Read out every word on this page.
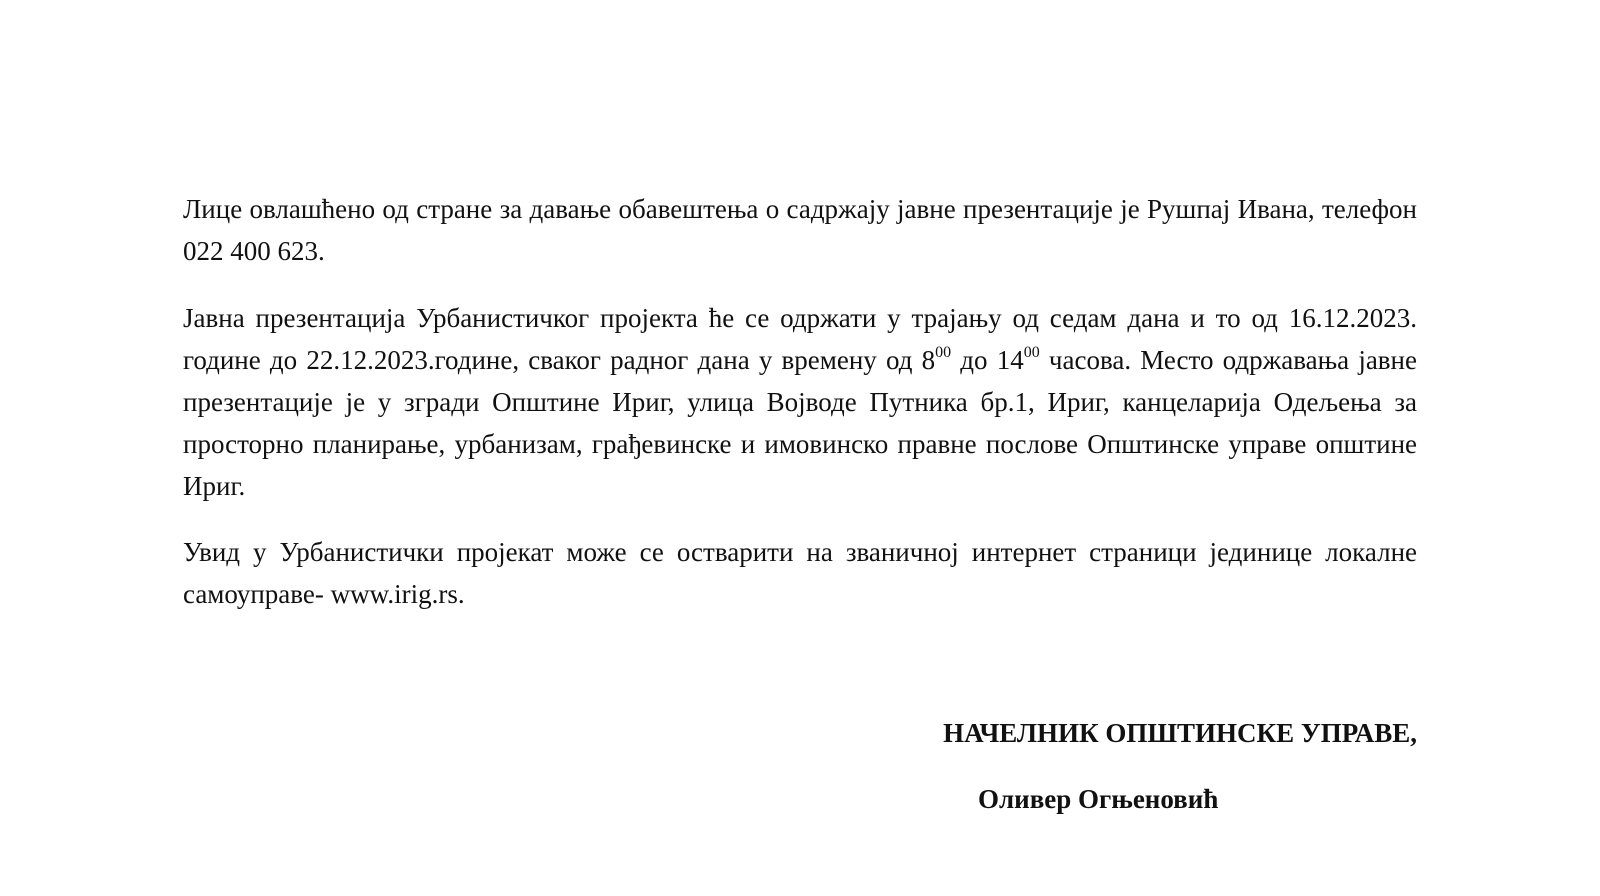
Лице овлашћено од стране за давање обавештења о садржају јавне презентације је Рушпај Ивана, телефон 022 400 623.

Јавна презентација Урбанистичког пројекта ће се одржати у трајању од седам дана и то од 16.12.2023. године до 22.12.2023.године, сваког радног дана у времену од $8^{00}$ до $14^{00}$ часова. Место одржавања јавне презентације је у згради Општине Ириг, улица Војводе Путника бр.1, Ириг, канцеларија Одељења за просторно планирање, урбанизам, грађевинске и имовинско правне послове Општинске управе општине Ириг.

Увид у Урбанистички пројекат може се остварити на званичној интернет страници јединице локалне самоуправе- www.irig.rs.

НАЧЕЛНИК ОПШТИНСКЕ УПРАВЕ,

Оливер Огњеновић
